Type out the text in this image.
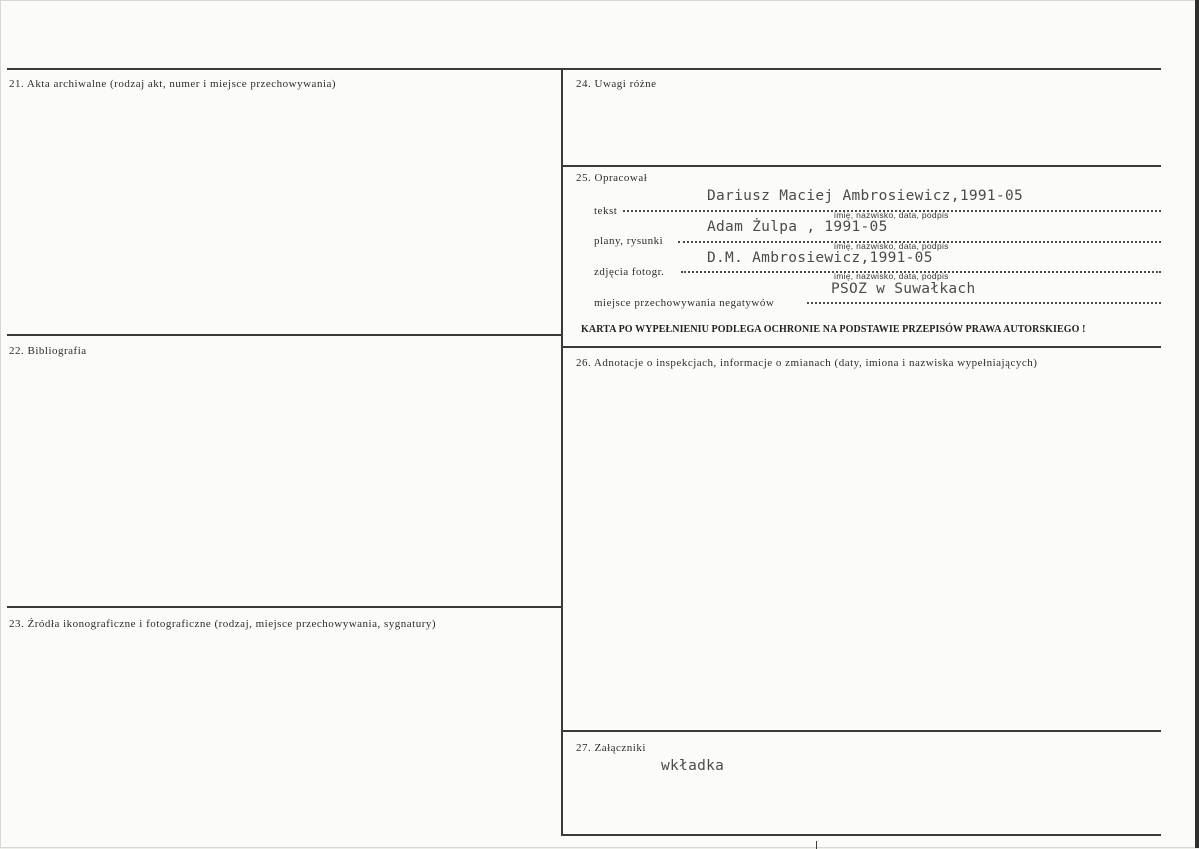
21. Akta archiwalne (rodzaj akt, numer i miejsce przechowywania)
22. Bibliografia
23. Źródła ikonograficzne i fotograficzne (rodzaj, miejsce przechowywania, sygnatury)
24. Uwagi różne
25. Opracował
tekst
Dariusz Maciej Ambrosiewicz,1991-05
imię, nazwisko, data, podpis
plany, rysunki
Adam Żulpa , 1991-05
imię, nazwisko, data, podpis
zdjęcia fotogr.
D.M. Ambrosiewicz,1991-05
imię, nazwisko, data, podpis
miejsce przechowywania negatywów
PSOZ w Suwałkach
KARTA PO WYPEŁNIENIU PODLEGA OCHRONIE NA PODSTAWIE PRZEPISÓW PRAWA AUTORSKIEGO !
26. Adnotacje o inspekcjach, informacje o zmianach (daty, imiona i nazwiska wypełniających)
27. Załączniki
wkładka
